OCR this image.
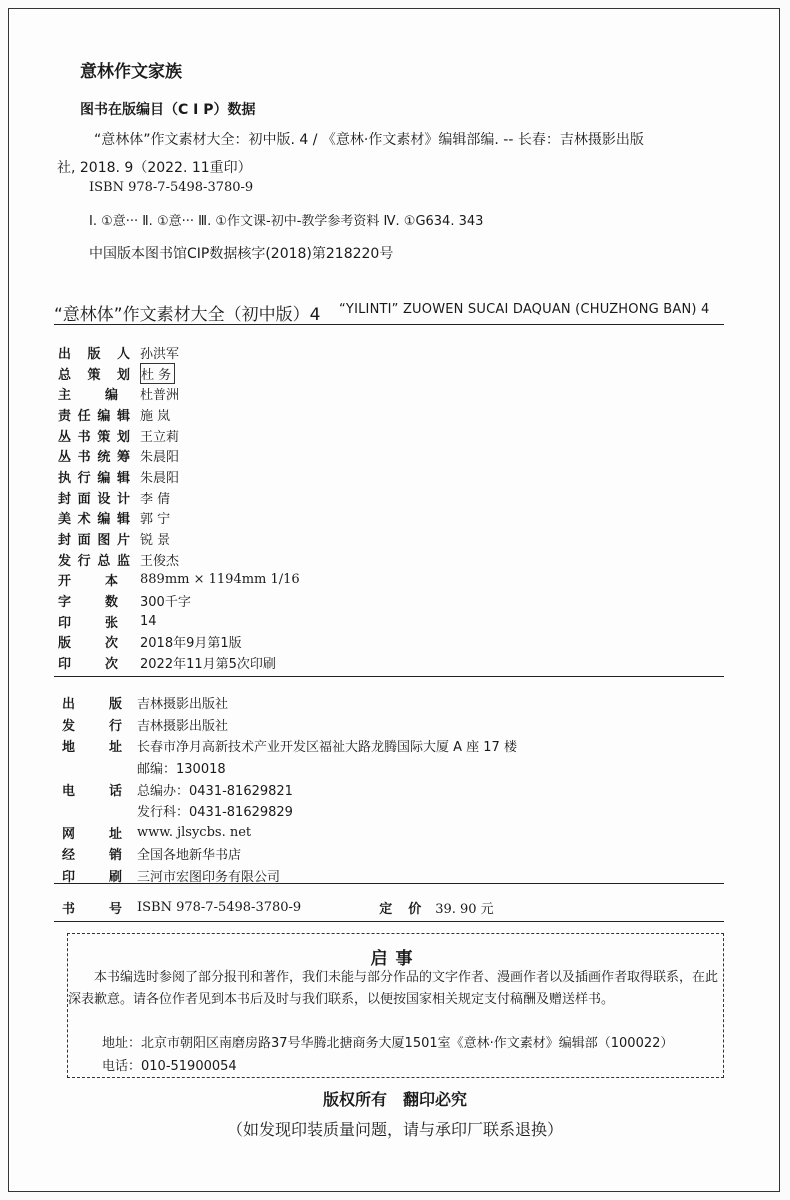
意林作文家族
图书在版编目（C I P）数据
“意林体”作文素材大全：初中版. 4 / 《意林·作文素材》编辑部编. -- 长春：吉林摄影出版
社, 2018. 9（2022. 11重印）
ISBN 978-7-5498-3780-9
Ⅰ. ①意··· Ⅱ. ①意··· Ⅲ. ①作文课-初中-教学参考资料 Ⅳ. ①G634. 343
中国版本图书馆CIP数据核字(2018)第218220号
“意林体”作文素材大全（初中版）4 “YILINTI” ZUOWEN SUCAI DAQUAN (CHUZHONG BAN) 4
出 版 人 孙洪军
总 策 划 杜 务
主	编 杜普洲
责 任 编 辑 施 岚
丛 书 策 划 王立莉
丛 书 统 筹 朱晨阳
执 行 编 辑 朱晨阳
封 面 设 计 李 倩
美 术 编 辑 郭 宁
封 面 图 片 锐 景
发 行 总 监 王俊杰
开	本 889mm × 1194mm 1/16
字	数 300千字
印	张 14
版	次 2018年9月第1版
印	次 2022年11月第5次印刷
出	版 吉林摄影出版社
发	行 吉林摄影出版社
地	址 长春市净月高新技术产业开发区福祉大路龙腾国际大厦 A 座 17 楼
邮编：130018
电	话 总编办：0431-81629821
发行科：0431-81629829
网	址 www. jlsycbs. net
经	销 全国各地新华书店
印	刷 三河市宏图印务有限公司
书	号 ISBN 978-7-5498-3780-9	定 价 39. 90 元
启事

本书编选时参阅了部分报刊和著作，我们未能与部分作品的文字作者、漫画作者以及插画作者取得联系，在此深表歉意。请各位作者见到本书后及时与我们联系，以便按国家相关规定支付稿酬及赠送样书。

地址：北京市朝阳区南磨房路37号华腾北搪商务大厦1501室《意林·作文素材》编辑部（100022）
电话：010-51900054
版权所有　翻印必究
（如发现印装质量问题，请与承印厂联系退换）
